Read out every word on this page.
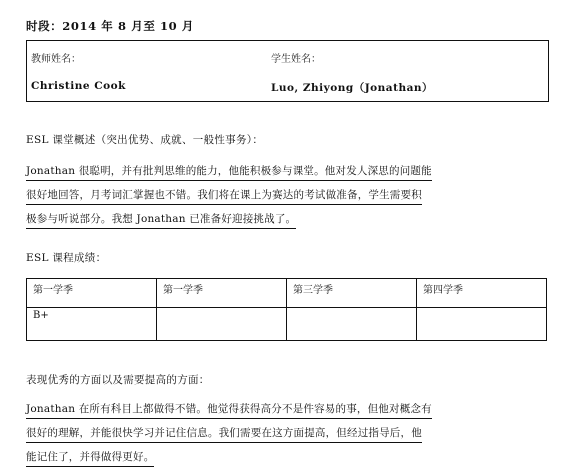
时段：2014 年 8 月至 10 月
教师姓名：	学生姓名：
Christine Cook	Luo, Zhiyong（Jonathan）
ESL 课堂概述（突出优势、成就、一般性事务）：
Jonathan 很聪明，并有批判思维的能力，他能积极参与课堂。他对发人深思的问题能
很好地回答，月考词汇掌握也不错。我们将在课上为赛达的考试做准备，学生需要积
极参与听说部分。我想 Jonathan 已准备好迎接挑战了。
ESL 课程成绩：
第一学季	第一学季	第三学季	第四学季
B+			
表现优秀的方面以及需要提高的方面：
Jonathan 在所有科目上都做得不错。他觉得获得高分不是件容易的事，但他对概念有
很好的理解，并能很快学习并记住信息。我们需要在这方面提高，但经过指导后，他
能记住了，并得做得更好。
